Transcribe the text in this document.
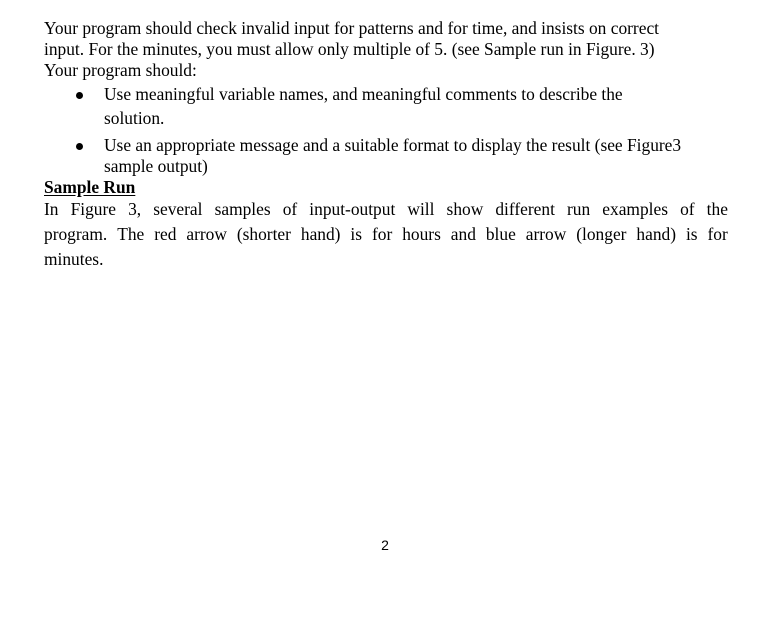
Your program should check invalid input for patterns and for time, and insists on correct
input. For the minutes, you must allow only multiple of 5. (see Sample run in Figure. 3)
Your program should:
Use meaningful variable names, and meaningful comments to describe the
solution.
Use an appropriate message and a suitable format to display the result (see Figure3
sample output)
Sample Run
In Figure 3, several samples of input-output will show different run examples of the
program. The red arrow (shorter hand) is for hours and blue arrow (longer hand) is for
minutes.
2
